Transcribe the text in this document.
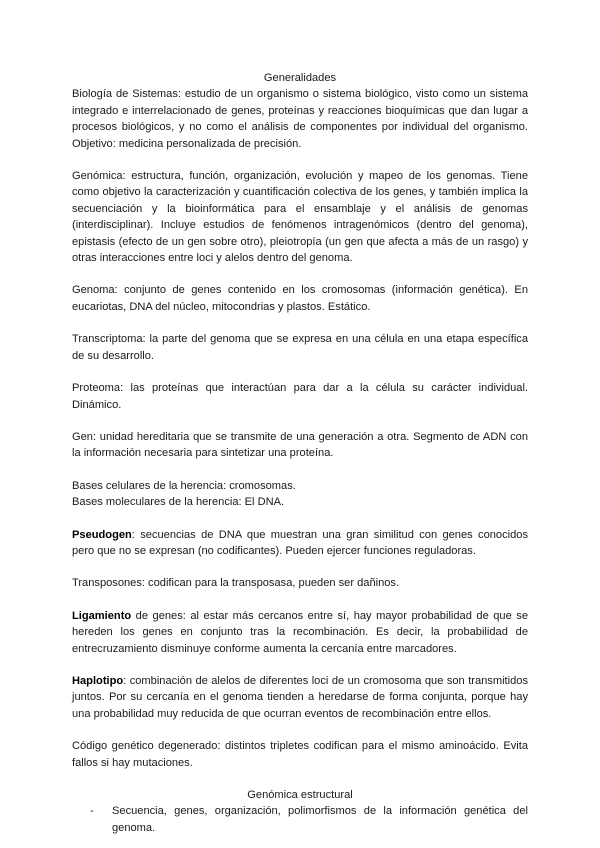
Generalidades

Biología de Sistemas: estudio de un organismo o sistema biológico, visto como un sistema integrado e interrelacionado de genes, proteínas y reacciones bioquímicas que dan lugar a procesos biológicos, y no como el análisis de componentes por individual del organismo. Objetivo: medicina personalizada de precisión.

Genómica: estructura, función, organización, evolución y mapeo de los genomas. Tiene como objetivo la caracterización y cuantificación colectiva de los genes, y también implica la secuenciación y la bioinformática para el ensamblaje y el análisis de genomas (interdisciplinar). Incluye estudios de fenómenos intragenómicos (dentro del genoma), epistasis (efecto de un gen sobre otro), pleiotropía (un gen que afecta a más de un rasgo) y otras interacciones entre loci y alelos dentro del genoma.

Genoma: conjunto de genes contenido en los cromosomas (información genética). En eucariotas, DNA del núcleo, mitocondrias y plastos. Estático.

Transcriptoma: la parte del genoma que se expresa en una célula en una etapa específica de su desarrollo.

Proteoma: las proteínas que interactúan para dar a la célula su carácter individual. Dinámico.

Gen: unidad hereditaria que se transmite de una generación a otra. Segmento de ADN con la información necesaria para sintetizar una proteína.

Bases celulares de la herencia: cromosomas.

Bases moleculares de la herencia: El DNA.

Pseudogen: secuencias de DNA que muestran una gran similitud con genes conocidos pero que no se expresan (no codificantes). Pueden ejercer funciones reguladoras.

Transposones: codifican para la transposasa, pueden ser dañinos.

Ligamiento de genes: al estar más cercanos entre sí, hay mayor probabilidad de que se hereden los genes en conjunto tras la recombinación. Es decir, la probabilidad de entrecruzamiento disminuye conforme aumenta la cercanía entre marcadores.

Haplotipo: combinación de alelos de diferentes loci de un cromosoma que son transmitidos juntos. Por su cercanía en el genoma tienden a heredarse de forma conjunta, porque hay una probabilidad muy reducida de que ocurran eventos de recombinación entre ellos.

Código genético degenerado: distintos tripletes codifican para el mismo aminoácido. Evita fallos si hay mutaciones.

Genómica estructural
-	Secuencia, genes, organización, polimorfismos de la información genética del genoma.
